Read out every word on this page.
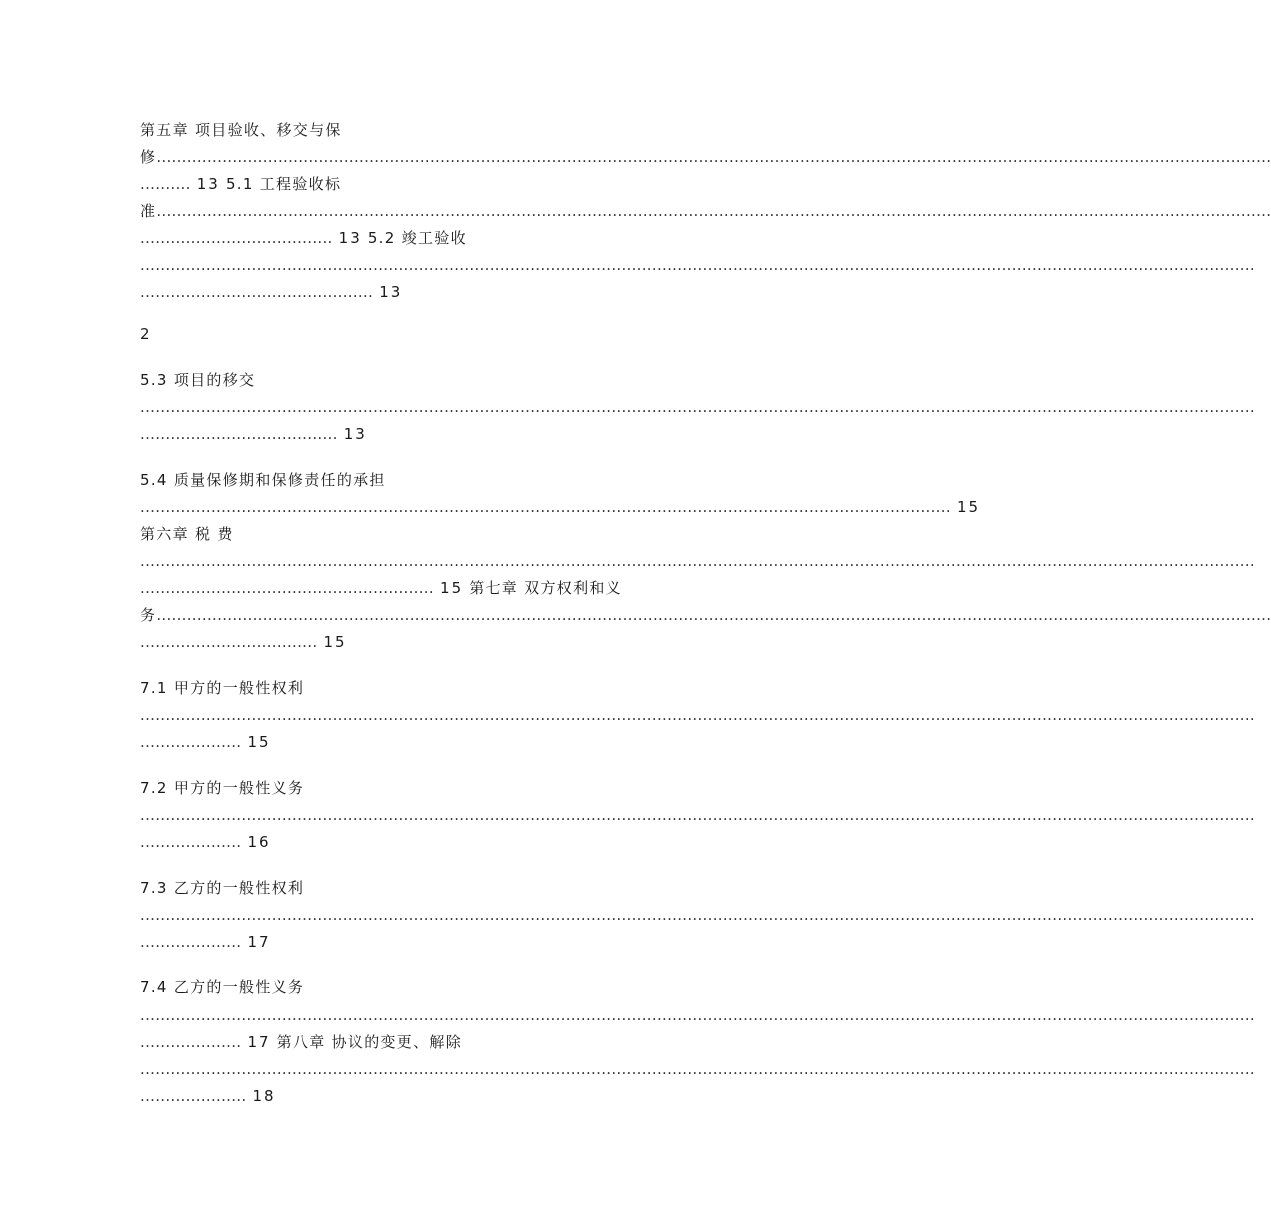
第五章 项目验收、移交与保
修............................................................................................................................................................................................................................
.......... 13 5.1 工程验收标
准............................................................................................................................................................................................................................
...................................... 13 5.2 竣工验收
............................................................................................................................................................................................................................
.............................................. 13
2
5.3 项目的移交
............................................................................................................................................................................................................................
....................................... 13
5.4 质量保修期和保修责任的承担
................................................................................................................................................................ 15
第六章 税 费
............................................................................................................................................................................................................................
.......................................................... 15 第七章 双方权利和义
务............................................................................................................................................................................................................................
................................... 15
7.1 甲方的一般性权利
............................................................................................................................................................................................................................
.................... 15
7.2 甲方的一般性义务
............................................................................................................................................................................................................................
.................... 16
7.3 乙方的一般性权利
............................................................................................................................................................................................................................
.................... 17
7.4 乙方的一般性义务
............................................................................................................................................................................................................................
.................... 17 第八章 协议的变更、解除
............................................................................................................................................................................................................................
..................... 18
